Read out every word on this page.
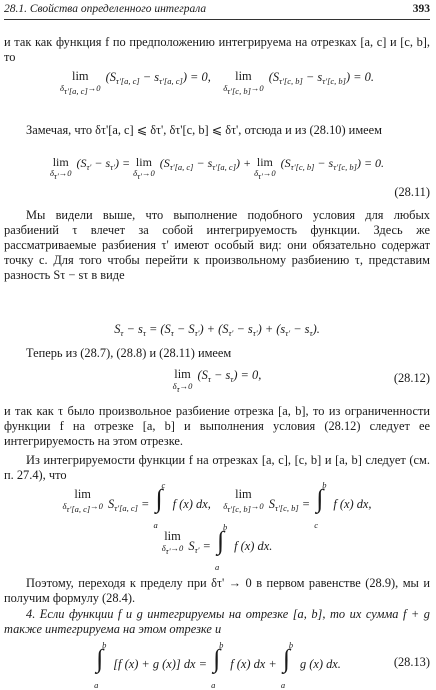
28.1. Свойства определенного интеграла	393
и так как функция f по предположению интегрируема на отрезках [a, c] и [c, b], то
lim
$\delta_{\tau'[a, c]}\to 0$
$(S_{\tau'[a, c]} - s_{\tau'[a, c]}) = 0$, lim
$\delta_{\tau'[c, b]}\to 0$
$(S_{\tau'[c, b]} - s_{\tau'[c, b]}) = 0$.
Замечая, что δτ'[a, c] ⩽ δτ', δτ'[c, b] ⩽ δτ', отсюда и из (28.10) имеем
lim
$\delta_{\tau'}\to 0$
$(S_{\tau'} - s_{\tau'}) = \lim$
$\delta_{\tau'}\to 0$
$(S_{\tau'[a, c]} - s_{\tau'[a, c]}) + \lim$
$\delta_{\tau'}\to 0$
$(S_{\tau'[c, b]} - s_{\tau'[c, b]}) = 0$.
(28.11)
Мы видели выше, что выполнение подобного условия для любых разбиений τ влечет за собой интегрируемость функции. Здесь же рассматриваемые разбиения τ' имеют особый вид: они обязательно содержат точку c. Для того чтобы перейти к произвольному разбиению τ, представим разность Sτ − sτ в виде
$S_\tau - s_\tau = (S_\tau - S_{\tau'}) + (S_{\tau'} - s_{\tau'}) + (s_{\tau'} - s_\tau)$.
Теперь из (28.7), (28.8) и (28.11) имеем
lim
$\delta_\tau\to 0$
$(S_\tau - s_\tau) = 0$,	(28.12)
и так как τ было произвольное разбиение отрезка [a, b], то из ограниченности функции f на отрезке [a, b] и выполнения условия (28.12) следует ее интегрируемость на этом отрезке.
Из интегрируемости функции f на отрезках [a, c], [c, b] и [a, b] следует (см. п. 27.4), что
lim
$\delta_{\tau'[a, c]}\to 0$ $S_{\tau'[a, c]}$ = ∫
c
a
f (x) dx,
lim
$\delta_{\tau'[c, b]}\to 0$ $S_{\tau'[c, b]}$ = ∫
b
c
f (x) dx,
lim
$\delta_{\tau'}\to 0$ $S_{\tau'}$ = ∫
b
a
f (x) dx.
Поэтому, переходя к пределу при δτ' → 0 в первом равенстве (28.9), мы и получим формулу (28.4).
4. Если функции f и g интегрируемы на отрезке [a, b], то их сумма f + g также интегрируема на этом отрезке и
∫
b
a
[f (x) + g (x)] dx = ∫
b
a
f (x) dx + ∫
b
a
g (x) dx.	(28.13)
